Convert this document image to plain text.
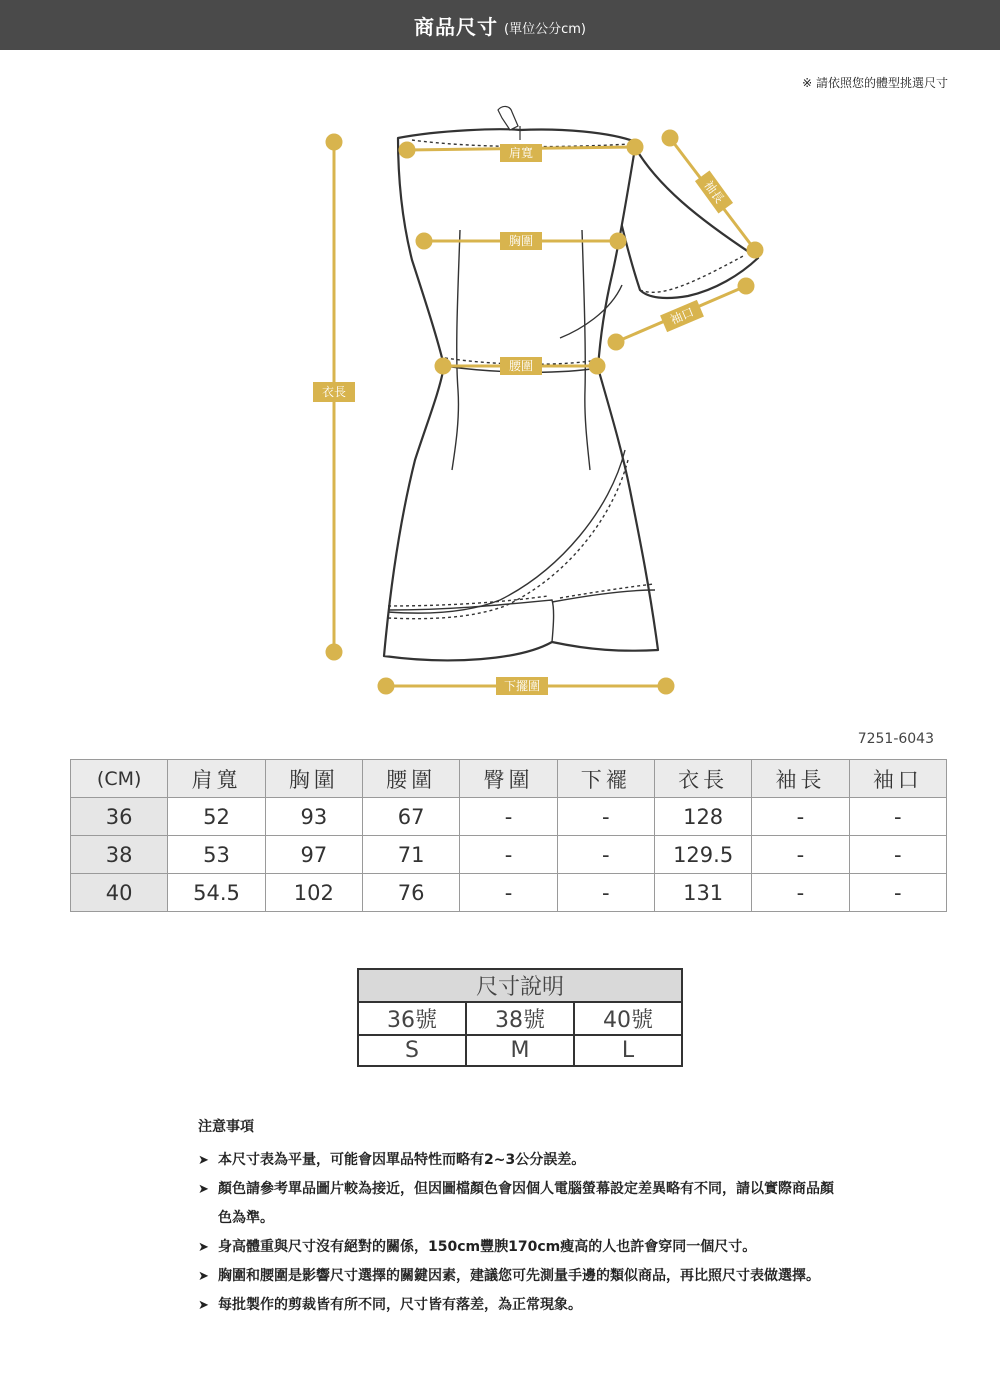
商品尺寸 (單位公分cm)
※ 請依照您的體型挑選尺寸
肩寬
胸圍
腰圍
衣長
下擺圍
袖長
袖口
7251-6043
(CM)	肩寬	胸圍	腰圍	臀圍	下襬	衣長	袖長	袖口
36	52	93	67	-	-	128	-	-
38	53	97	71	-	-	129.5	-	-
40	54.5	102	76	-	-	131	-	-
尺寸說明		
36號	38號	40號
S	M	L
注意事項
➤ 本尺寸表為平量，可能會因單品特性而略有2~3公分誤差。
➤ 顏色請參考單品圖片較為接近，但因圖檔顏色會因個人電腦螢幕設定差異略有不同，請以實際商品顏色為準。
➤ 身高體重與尺寸沒有絕對的關係，150cm豐腴170cm瘦高的人也許會穿同一個尺寸。
➤ 胸圍和腰圍是影響尺寸選擇的關鍵因素，建議您可先測量手邊的類似商品，再比照尺寸表做選擇。
➤ 每批製作的剪裁皆有所不同，尺寸皆有落差，為正常現象。
